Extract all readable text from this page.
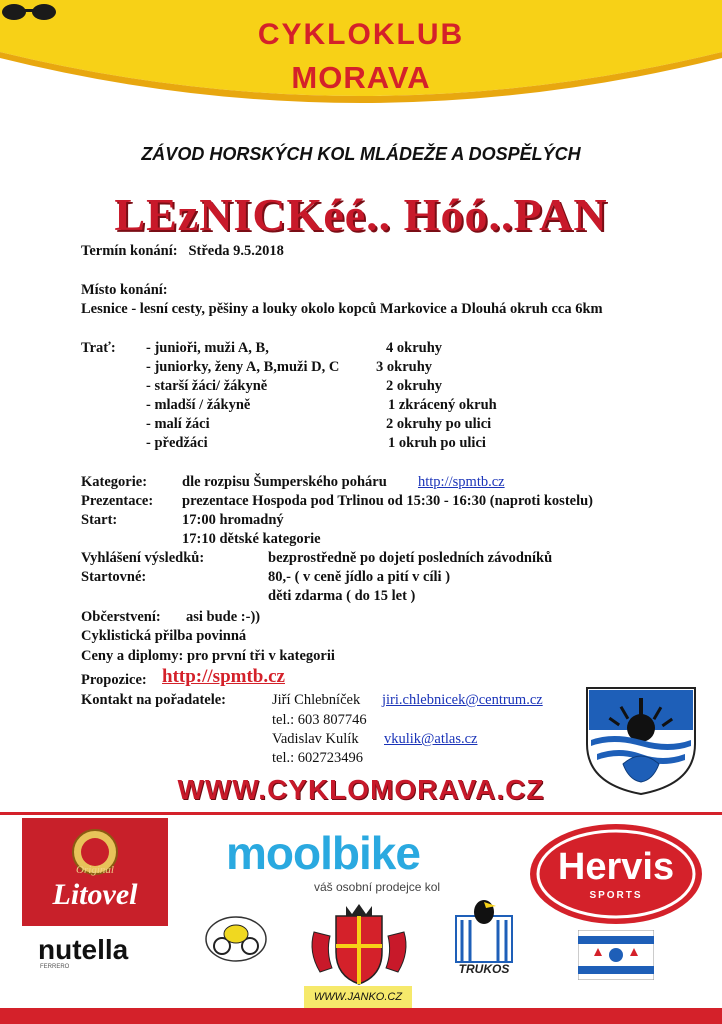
CYKLOKLUB
MORAVA
ZÁVOD HORSKÝCH KOL MLÁDEŽE A DOSPĚLÝCH
LEzNICKéé.. Hóó..PAN
Termín konání: Středa 9.5.2018
Místo konání:
Lesnice - lesní cesty, pěšiny a louky okolo kopců Markovice a Dlouhá okruh cca 6km
Trať: - junioři, muži A, B,	4 okruhy
- juniorky, ženy A, B,muži D, C	3 okruhy
- starší žáci/ žákyně	2 okruhy
- mladší / žákyně	1 zkrácený okruh
- malí žáci	2 okruhy po ulici
- předžáci	1 okruh po ulici
Kategorie: dle rozpisu Šumperského poháru http://spmtb.cz
Prezentace: prezentace Hospoda pod Trlinou od 15:30 - 16:30 (naproti kostelu)
Start:	17:00 hromadný
17:10 dětské kategorie
Vyhlášení výsledků:	bezprostředně po dojetí posledních závodníků
Startovné:	80,- ( v ceně jídlo a pití v cíli )
děti zdarma ( do 15 let )
Občerstvení: asi bude :-))
Cyklistická přilba povinná
Ceny a diplomy: pro první tři v kategorii
Propozice: http://spmtb.cz
Kontakt na pořadatele:	Jiří Chlebníček jiri.chlebnicek@centrum.cz
tel.: 603 807746
Vadislav Kulík vkulik@atlas.cz
tel.: 602723496
WWW.CYKLOMORAVA.CZ
Original
Litovel
moolbike
váš osobní prodejce kol	Hervis
SPORTS
nutella
FERRERO	TRUKOS
WWW.JANKO.CZ
